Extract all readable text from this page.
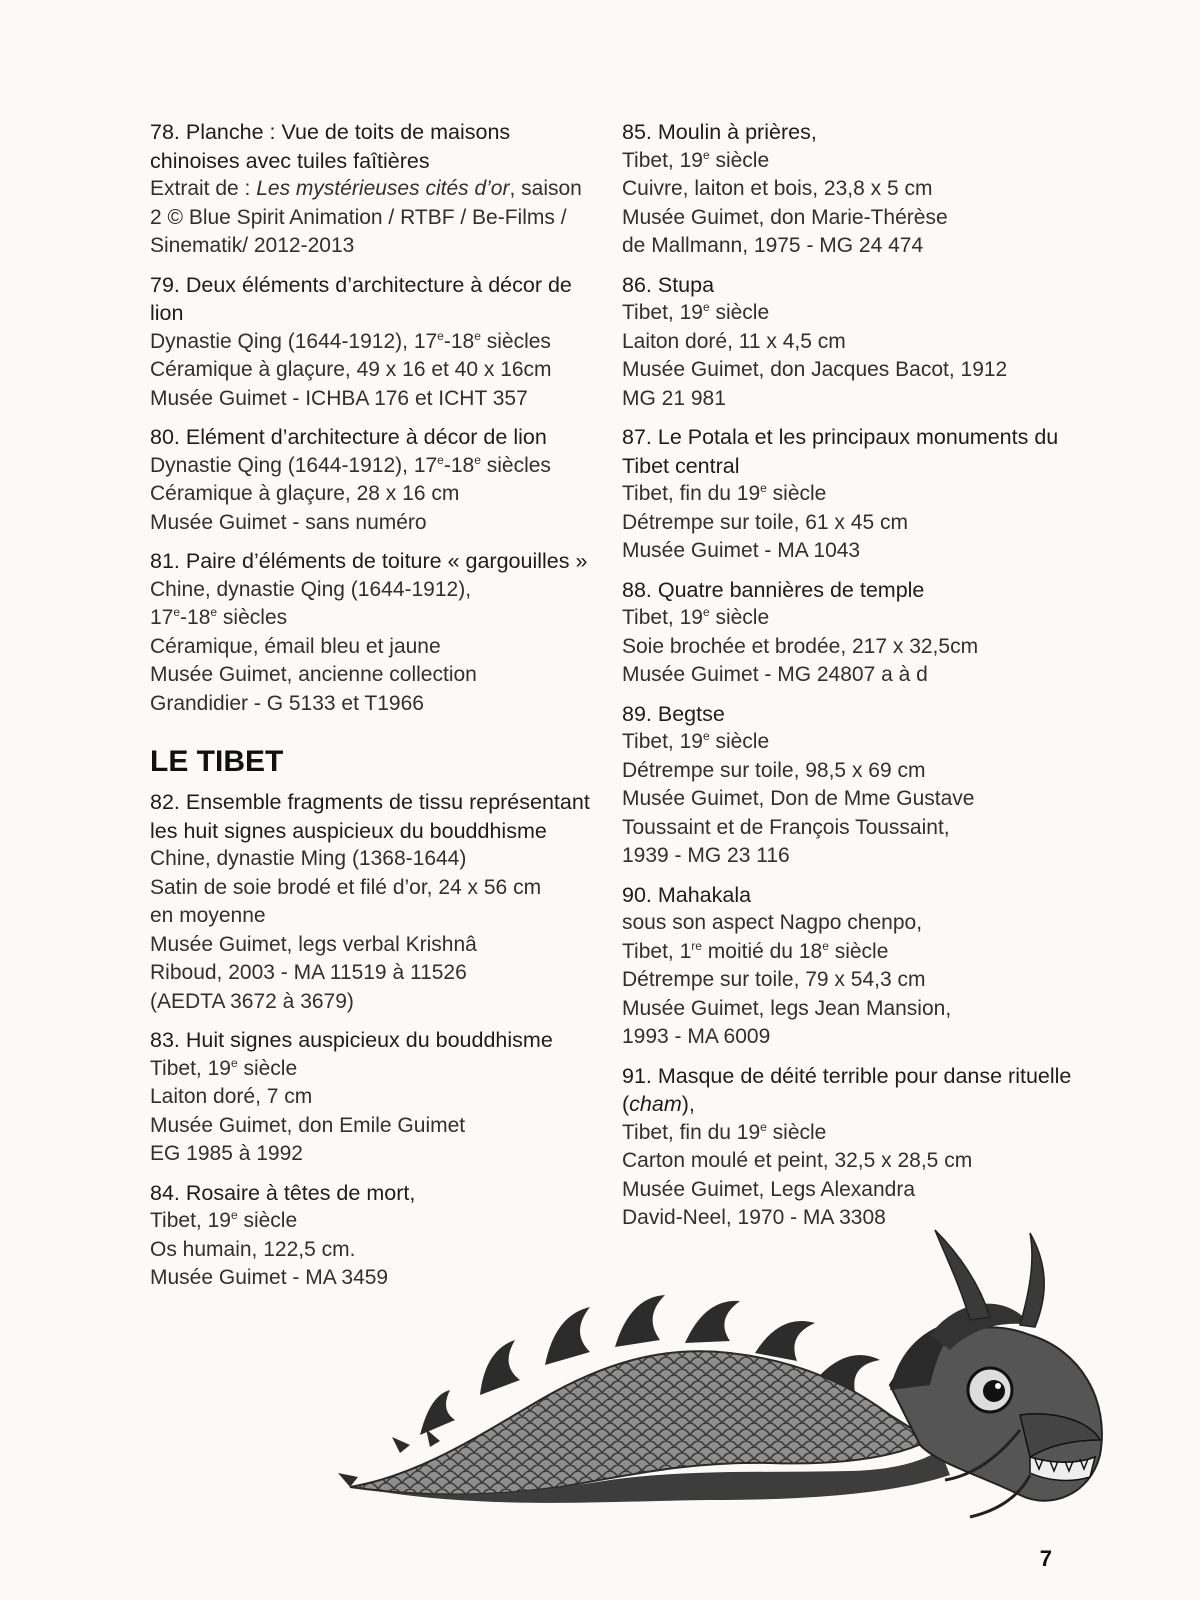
78. Planche : Vue de toits de maisons chinoises avec tuiles faîtières
Extrait de : Les mystérieuses cités d’or, saison
2 © Blue Spirit Animation / RTBF / Be-Films /
Sinematik/ 2012-2013
79. Deux éléments d’architecture à décor de lion
Dynastie Qing (1644-1912), 17e-18e siècles
Céramique à glaçure, 49 x 16 et 40 x 16cm
Musée Guimet - ICHBA 176 et ICHT 357
80. Elément d’architecture à décor de lion
Dynastie Qing (1644-1912), 17e-18e siècles
Céramique à glaçure, 28 x 16 cm
Musée Guimet - sans numéro
81. Paire d’éléments de toiture « gargouilles »
Chine, dynastie Qing (1644-1912),
17e-18e siècles
Céramique, émail bleu et jaune
Musée Guimet, ancienne collection
Grandidier - G 5133 et T1966
LE TIBET
82. Ensemble fragments de tissu représentant les huit signes auspicieux du bouddhisme
Chine, dynastie Ming (1368-1644)
Satin de soie brodé et filé d’or, 24 x 56 cm
en moyenne
Musée Guimet, legs verbal Krishnâ
Riboud, 2003 - MA 11519 à 11526
(AEDTA 3672 à 3679)
83. Huit signes auspicieux du bouddhisme
Tibet, 19e siècle
Laiton doré, 7 cm
Musée Guimet, don Emile Guimet
EG 1985 à 1992
84. Rosaire à têtes de mort,
Tibet, 19e siècle
Os humain, 122,5 cm.
Musée Guimet - MA 3459
85. Moulin à prières,
Tibet, 19e siècle
Cuivre, laiton et bois, 23,8 x 5 cm
Musée Guimet, don Marie-Thérèse
de Mallmann, 1975 - MG 24 474
86. Stupa
Tibet, 19e siècle
Laiton doré, 11 x 4,5 cm
Musée Guimet, don Jacques Bacot, 1912
MG 21 981
87. Le Potala et les principaux monuments du Tibet central
Tibet, fin du 19e siècle
Détrempe sur toile, 61 x 45 cm
Musée Guimet - MA 1043
88. Quatre bannières de temple
Tibet, 19e siècle
Soie brochée et brodée, 217 x 32,5cm
Musée Guimet - MG 24807 a à d
89. Begtse
Tibet, 19e siècle
Détrempe sur toile, 98,5 x 69 cm
Musée Guimet, Don de Mme Gustave
Toussaint et de François Toussaint,
1939 - MG 23 116
90. Mahakala
sous son aspect Nagpo chenpo,
Tibet, 1re moitié du 18e siècle
Détrempe sur toile, 79 x 54,3 cm
Musée Guimet, legs Jean Mansion,
1993 - MA 6009
91. Masque de déité terrible pour danse rituelle (cham),
Tibet, fin du 19e siècle
Carton moulé et peint, 32,5 x 28,5 cm
Musée Guimet, Legs Alexandra
David-Neel, 1970 - MA 3308
7
